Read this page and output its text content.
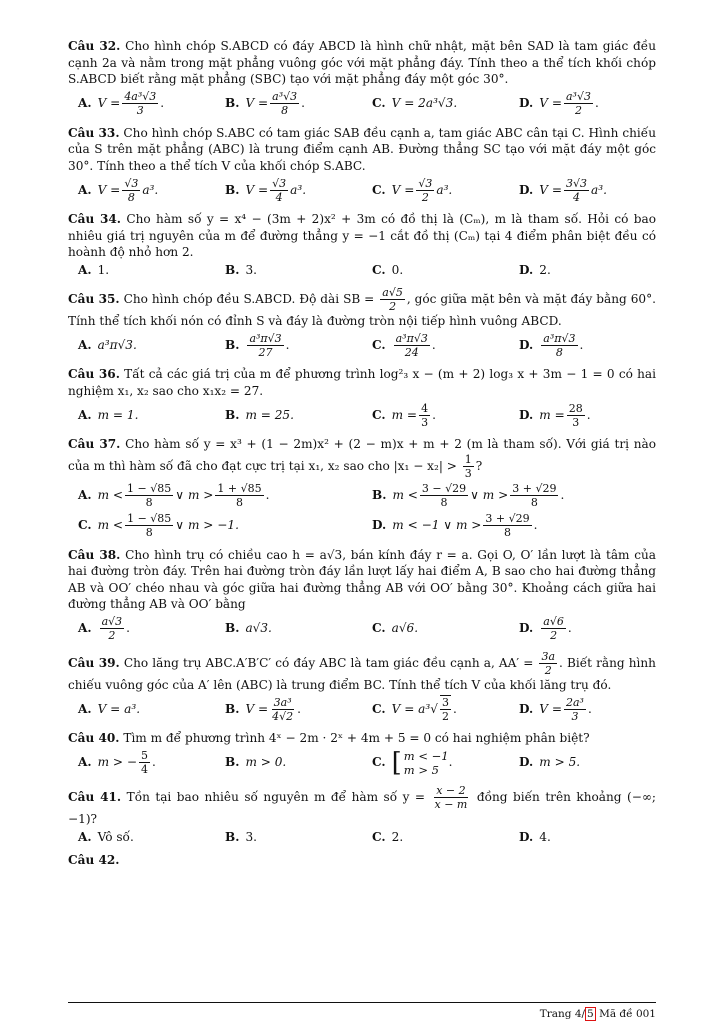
Câu 32. Cho hình chóp S.ABCD có đáy ABCD là hình chữ nhật, mặt bên SAD là tam giác đều cạnh 2a và nằm trong mặt phẳng vuông góc với mặt phẳng đáy. Tính theo a thể tích khối chóp S.ABCD biết rằng mặt phẳng (SBC) tạo với mặt phẳng đáy một góc 30°.
A. $V = \frac{\text{4a³√3}}{3}$ .	B. $V = \frac{\text{a³√3}}{8}$ .	C. V = 2a³√3.	D. $V = \frac{\text{a³√3}}{2}$ .
Câu 33. Cho hình chóp S.ABC có tam giác SAB đều cạnh a, tam giác ABC cân tại C. Hình chiếu của S trên mặt phẳng (ABC) là trung điểm cạnh AB. Đường thẳng SC tạo với mặt đáy một góc 30°. Tính theo a thể tích V của khối chóp S.ABC.
A. $V = \frac{√3}{8} a^3$.	B. $V = \frac{√3}{4} a^3$.	C. $V = \frac{√3}{2} a^3$.	D. $V = \frac{3√3}{4} a^3$.
Câu 34. Cho hàm số y = x⁴ − (3m + 2)x² + 3m có đồ thị là (Cₘ), m là tham số. Hỏi có bao nhiêu giá trị nguyên của m để đường thẳng y = −1 cắt đồ thị (Cₘ) tại 4 điểm phân biệt đều có hoành độ nhỏ hơn 2.
A. 1.	B. 3.	C. 0.	D. 2.
Câu 35. Cho hình chóp đều S.ABCD. Độ dài SB = $\frac{a√5}{2}$ , góc giữa mặt bên và mặt đáy bằng 60°. Tính thể tích khối nón có đỉnh S và đáy là đường tròn nội tiếp hình vuông ABCD.
A. a³π√3.	B. $\frac{\text{a³π√3}}{27}$ .	C. $\frac{\text{a³π√3}}{24}$ .	D. $\frac{\text{a³π√3}}{8}$ .
Câu 36. Tất cả các giá trị của m để phương trình log²₃ x − (m + 2) log₃ x + 3m − 1 = 0 có hai nghiệm x₁, x₂ sao cho x₁x₂ = 27.
A. m = 1.	B. m = 25.	C. $m = \frac{4}{3}$ .	D. $m = \frac{28}{3}$ .
Câu 37. Cho hàm số y = x³ + (1 − 2m)x² + (2 − m)x + m + 2 (m là tham số). Với giá trị nào của m thì hàm số đã cho đạt cực trị tại x₁, x₂ sao cho $|x_1 - x_2| > \frac{1}{3}$ ?
A. $m < \frac{1 - √85}{8}$ ∨ $m > \frac{1 + √85}{8}$ .	B. $m < \frac{3 - √29}{8}$ ∨ $m > \frac{3 + √29}{8}$ .
C. $m < \frac{1 - √85}{8}$ ∨ m > −1.	D. m < −1 ∨ $m > \frac{3 + √29}{8}$ .
Câu 38. Cho hình trụ có chiều cao h = a√3, bán kính đáy r = a. Gọi O, O′ lần lượt là tâm của hai đường tròn đáy. Trên hai đường tròn đáy lần lượt lấy hai điểm A, B sao cho hai đường thẳng AB và OO′ chéo nhau và góc giữa hai đường thẳng AB với OO′ bằng 30°. Khoảng cách giữa hai đường thẳng AB và OO′ bằng
A. $\frac{a√3}{2}$ .	B. a√3.	C. a√6.	D. $\frac{a√6}{2}$ .
Câu 39. Cho lăng trụ ABC.A′B′C′ có đáy ABC là tam giác đều cạnh a, $AA' = \frac{3a}{2}$ . Biết rằng hình chiếu vuông góc của A′ lên (ABC) là trung điểm BC. Tính thể tích V của khối lăng trụ đó.
A. V = a³.	B. $V = \frac{\text{3a³}}{4√2}$ .	C. $V = a^3√ \frac{3}{2}$ .	D. $V = \frac{\text{2a³}}{3}$ .
Câu 40. Tìm m để phương trình 4ˣ − 2m · 2ˣ + 4m + 5 = 0 có hai nghiệm phân biệt?
A. m > − $\frac{5}{4}$ .	B. m > 0.	C. [ m < −1
m > 5
.	D. m > 5.
Câu 41. Tồn tại bao nhiêu số nguyên m để hàm số $y = \frac{x - 2}{x - m}$ đồng biến trên khoảng (−∞; −1)?
A. Vô số.	B. 3.	C. 2.	D. 4.
Câu 42.
Trang 4/ 5 Mã đề 001
